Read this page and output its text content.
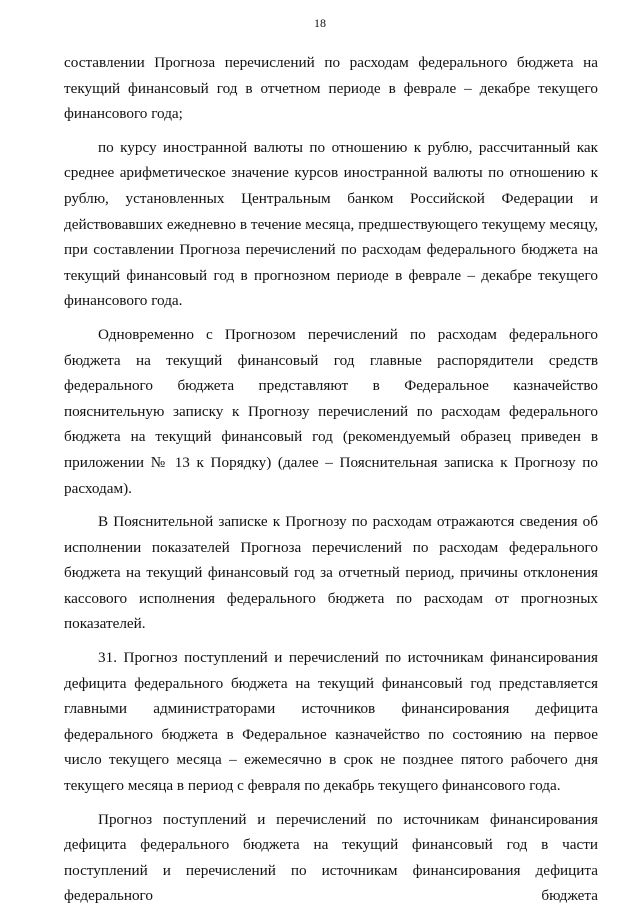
18

составлении Прогноза перечислений по расходам федерального бюджета на текущий финансовый год в отчетном периоде в феврале – декабре текущего финансового года;

по курсу иностранной валюты по отношению к рублю, рассчитанный как среднее арифметическое значение курсов иностранной валюты по отношению к рублю, установленных Центральным банком Российской Федерации и действовавших ежедневно в течение месяца, предшествующего текущему месяцу, при составлении Прогноза перечислений по расходам федерального бюджета на текущий финансовый год в прогнозном периоде в феврале – декабре текущего финансового года.

Одновременно с Прогнозом перечислений по расходам федерального бюджета на текущий финансовый год главные распорядители средств федерального бюджета представляют в Федеральное казначейство пояснительную записку к Прогнозу перечислений по расходам федерального бюджета на текущий финансовый год (рекомендуемый образец приведен в приложении № 13 к Порядку) (далее – Пояснительная записка к Прогнозу по расходам).

В Пояснительной записке к Прогнозу по расходам отражаются сведения об исполнении показателей Прогноза перечислений по расходам федерального бюджета на текущий финансовый год за отчетный период, причины отклонения кассового исполнения федерального бюджета по расходам от прогнозных показателей.

31. Прогноз поступлений и перечислений по источникам финансирования дефицита федерального бюджета на текущий финансовый год представляется главными администраторами источников финансирования дефицита федерального бюджета в Федеральное казначейство по состоянию на первое число текущего месяца – ежемесячно в срок не позднее пятого рабочего дня текущего месяца в период с февраля по декабрь текущего финансового года.

Прогноз поступлений и перечислений по источникам финансирования дефицита федерального бюджета на текущий финансовый год в части поступлений и перечислений по источникам финансирования дефицита федерального бюджета
